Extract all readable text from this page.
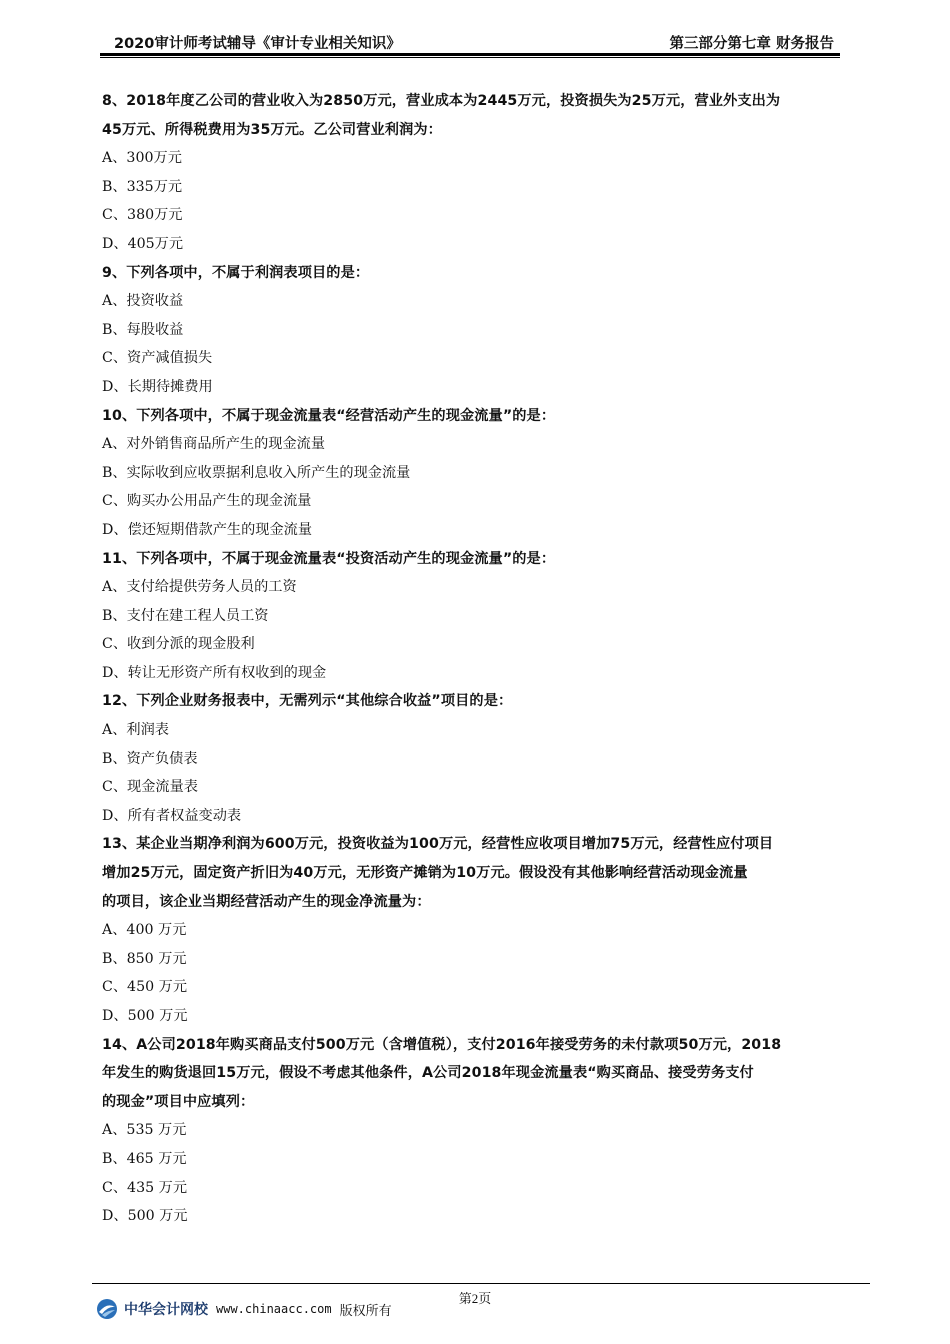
2020审计师考试辅导《审计专业相关知识》	第三部分第七章 财务报告
8、2018年度乙公司的营业收入为2850万元，营业成本为2445万元，投资损失为25万元，营业外支出为
45万元、所得税费用为35万元。乙公司营业利润为：
A、300万元
B、335万元
C、380万元
D、405万元
9、下列各项中，不属于利润表项目的是：
A、投资收益
B、每股收益
C、资产减值损失
D、长期待摊费用
10、下列各项中，不属于现金流量表“经营活动产生的现金流量”的是：
A、对外销售商品所产生的现金流量
B、实际收到应收票据利息收入所产生的现金流量
C、购买办公用品产生的现金流量
D、偿还短期借款产生的现金流量
11、下列各项中，不属于现金流量表“投资活动产生的现金流量”的是：
A、支付给提供劳务人员的工资
B、支付在建工程人员工资
C、收到分派的现金股利
D、转让无形资产所有权收到的现金
12、下列企业财务报表中，无需列示“其他综合收益”项目的是：
A、利润表
B、资产负债表
C、现金流量表
D、所有者权益变动表
13、某企业当期净利润为600万元，投资收益为100万元，经营性应收项目增加75万元，经营性应付项目
增加25万元，固定资产折旧为40万元，无形资产摊销为10万元。假设没有其他影响经营活动现金流量
的项目，该企业当期经营活动产生的现金净流量为：
A、400 万元
B、850 万元
C、450 万元
D、500 万元
14、A公司2018年购买商品支付500万元（含增值税），支付2016年接受劳务的未付款项50万元，2018
年发生的购货退回15万元，假设不考虑其他条件，A公司2018年现金流量表“购买商品、接受劳务支付
的现金”项目中应填列：
A、535 万元
B、465 万元
C、435 万元
D、500 万元
第2页
中华会计网校 www.chinaacc.com 版权所有
